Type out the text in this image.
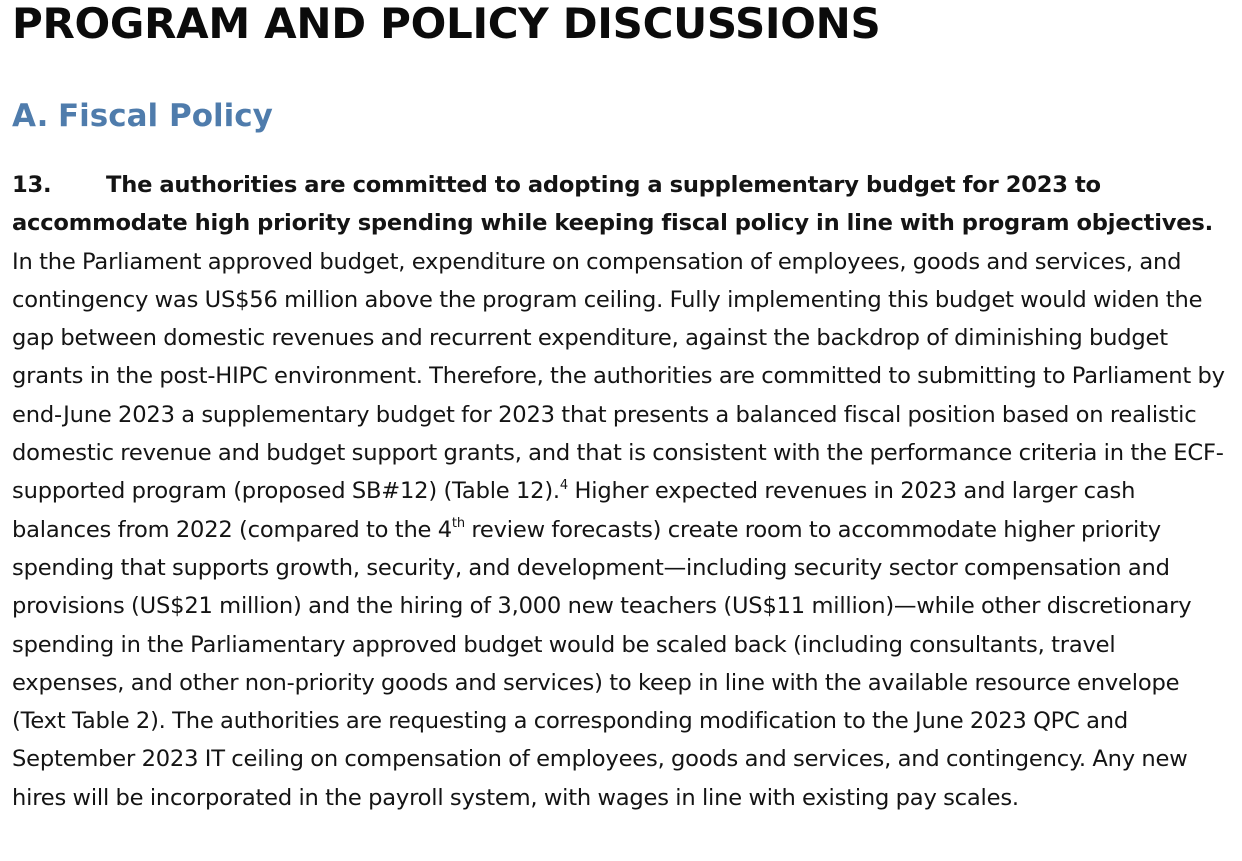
PROGRAM AND POLICY DISCUSSIONS
A. Fiscal Policy

13. The authorities are committed to adopting a supplementary budget for 2023 to accommodate high priority spending while keeping fiscal policy in line with program objectives. In the Parliament approved budget, expenditure on compensation of employees, goods and services, and contingency was US$56 million above the program ceiling. Fully implementing this budget would widen the gap between domestic revenues and recurrent expenditure, against the backdrop of diminishing budget grants in the post-HIPC environment. Therefore, the authorities are committed to submitting to Parliament by end-June 2023 a supplementary budget for 2023 that presents a balanced fiscal position based on realistic domestic revenue and budget support grants, and that is consistent with the performance criteria in the ECF-supported program (proposed SB#12) (Table 12).$^4$ Higher expected revenues in 2023 and larger cash balances from 2022 (compared to the 4th review forecasts) create room to accommodate higher priority spending that supports growth, security, and development—including security sector compensation and provisions (US$21 million) and the hiring of 3,000 new teachers (US$11 million)—while other discretionary spending in the Parliamentary approved budget would be scaled back (including consultants, travel expenses, and other non-priority goods and services) to keep in line with the available resource envelope (Text Table 2). The authorities are requesting a corresponding modification to the June 2023 QPC and September 2023 IT ceiling on compensation of employees, goods and services, and contingency. Any new hires will be incorporated in the payroll system, with wages in line with existing pay scales.
